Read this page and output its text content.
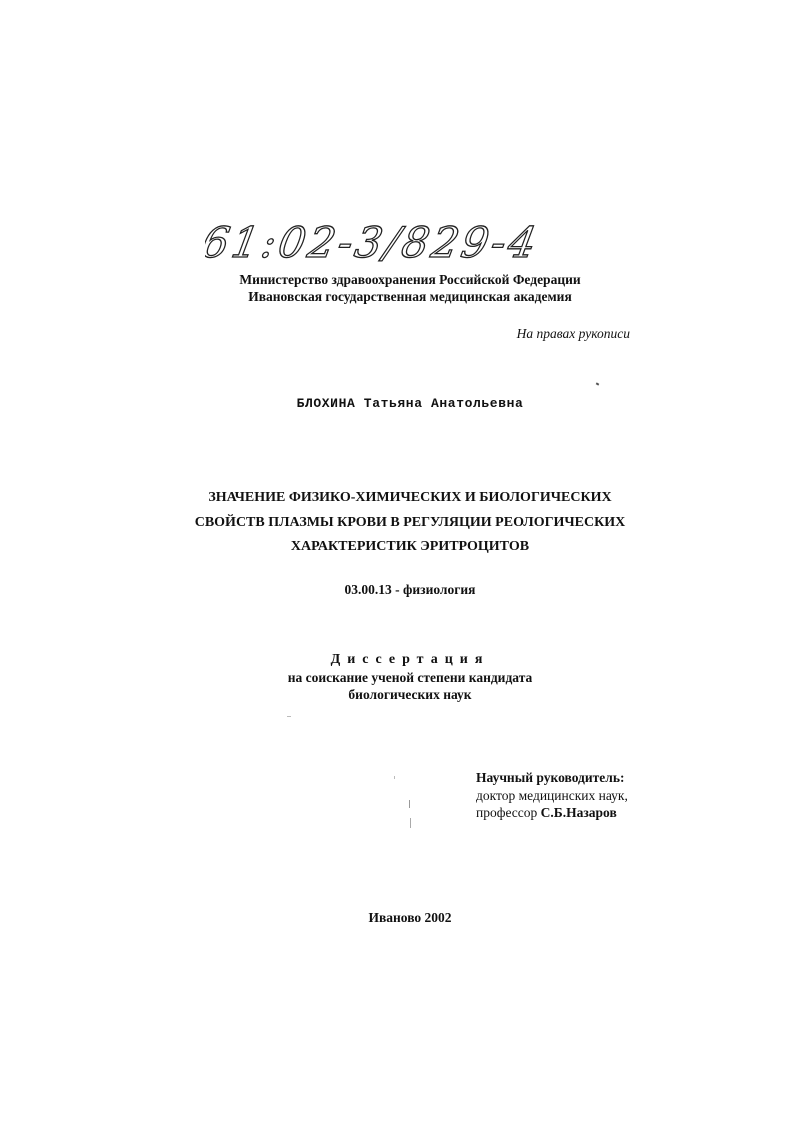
61:02-3/829-4
Министерство здравоохранения Российской Федерации
Ивановская государственная медицинская академия
На правах рукописи
БЛОХИНА Татьяна Анатольевна
ЗНАЧЕНИЕ ФИЗИКО-ХИМИЧЕСКИХ И БИОЛОГИЧЕСКИХ
СВОЙСТВ ПЛАЗМЫ КРОВИ В РЕГУЛЯЦИИ РЕОЛОГИЧЕСКИХ
ХАРАКТЕРИСТИК ЭРИТРОЦИТОВ
03.00.13 - физиология
Диссертация
на соискание ученой степени кандидата
биологических наук
Научный руководитель:
доктор медицинских наук,
профессор С.Б.Назаров
Иваново 2002
